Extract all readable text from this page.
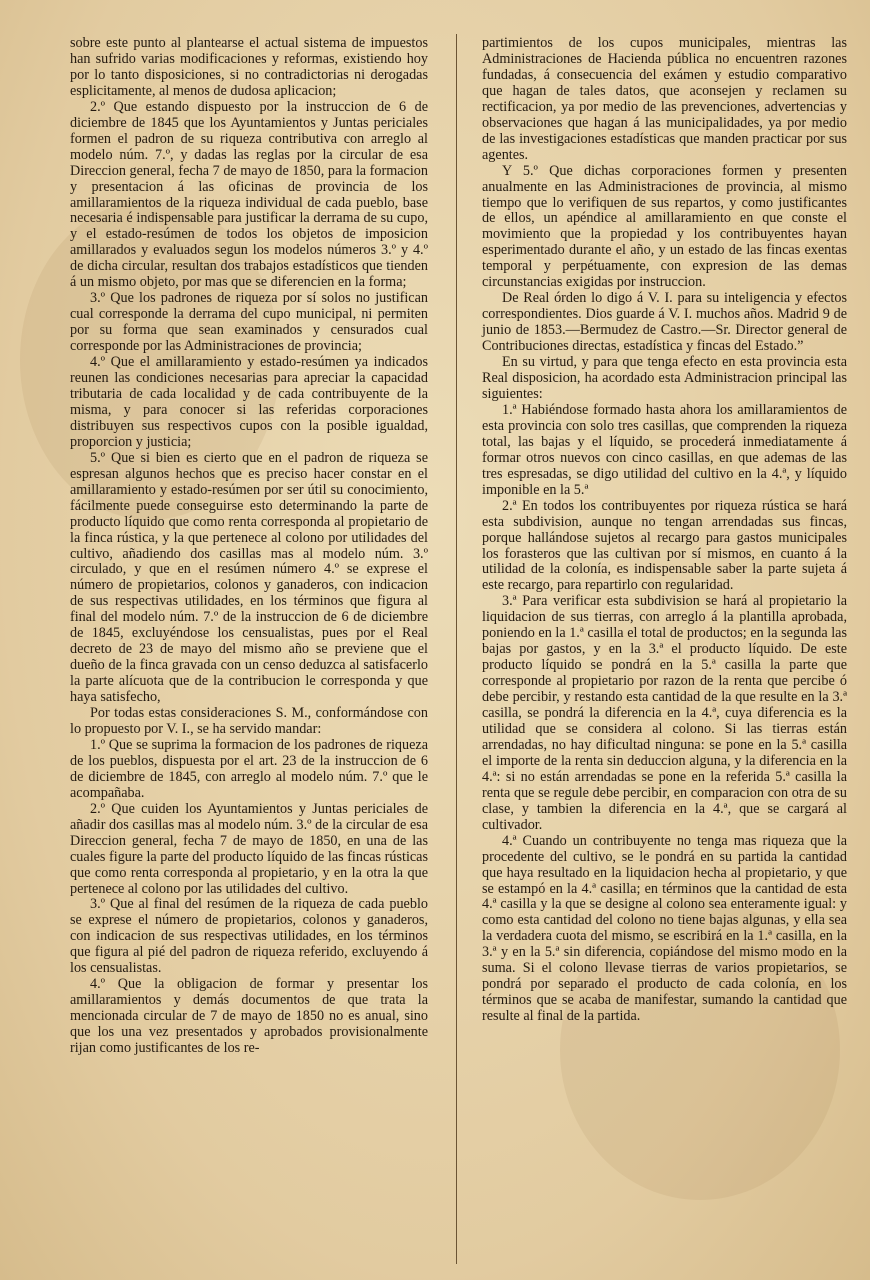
sobre este punto al plantearse el actual sistema de impuestos han sufrido varias modificaciones y reformas, existiendo hoy por lo tanto disposiciones, si no contradictorias ni derogadas esplicitamente, al menos de dudosa aplicacion;

2.º Que estando dispuesto por la instruccion de 6 de diciembre de 1845 que los Ayuntamientos y Juntas periciales formen el padron de su riqueza contributiva con arreglo al modelo núm. 7.º, y dadas las reglas por la circular de esa Direccion general, fecha 7 de mayo de 1850, para la formacion y presentacion á las oficinas de provincia de los amillaramientos de la riqueza individual de cada pueblo, base necesaria é indispensable para justificar la derrama de su cupo, y el estado-resúmen de todos los objetos de imposicion amillarados y evaluados segun los modelos números 3.º y 4.º de dicha circular, resultan dos trabajos estadísticos que tienden á un mismo objeto, por mas que se diferencien en la forma;

3.º Que los padrones de riqueza por sí solos no justifican cual corresponde la derrama del cupo municipal, ni permiten por su forma que sean examinados y censurados cual corresponde por las Administraciones de provincia;

4.º Que el amillaramiento y estado-resúmen ya indicados reunen las condiciones necesarias para apreciar la capacidad tributaria de cada localidad y de cada contribuyente de la misma, y para conocer si las referidas corporaciones distribuyen sus respectivos cupos con la posible igualdad, proporcion y justicia;

5.º Que si bien es cierto que en el padron de riqueza se espresan algunos hechos que es preciso hacer constar en el amillaramiento y estado-resúmen por ser útil su conocimiento, fácilmente puede conseguirse esto determinando la parte de producto líquido que como renta corresponda al propietario de la finca rústica, y la que pertenece al colono por utilidades del cultivo, añadiendo dos casillas mas al modelo núm. 3.º circulado, y que en el resúmen número 4.º se exprese el número de propietarios, colonos y ganaderos, con indicacion de sus respectivas utilidades, en los términos que figura al final del modelo núm. 7.º de la instruccion de 6 de diciembre de 1845, excluyéndose los censualistas, pues por el Real decreto de 23 de mayo del mismo año se previene que el dueño de la finca gravada con un censo deduzca al satisfacerlo la parte alícuota que de la contribucion le corresponda y que haya satisfecho,

Por todas estas consideraciones S. M., conformándose con lo propuesto por V. I., se ha servido mandar:

1.º Que se suprima la formacion de los padrones de riqueza de los pueblos, dispuesta por el art. 23 de la instruccion de 6 de diciembre de 1845, con arreglo al modelo núm. 7.º que le acompañaba.

2.º Que cuiden los Ayuntamientos y Juntas periciales de añadir dos casillas mas al modelo núm. 3.º de la circular de esa Direccion general, fecha 7 de mayo de 1850, en una de las cuales figure la parte del producto líquido de las fincas rústicas que como renta corresponda al propietario, y en la otra la que pertenece al colono por las utilidades del cultivo.

3.º Que al final del resúmen de la riqueza de cada pueblo se exprese el número de propietarios, colonos y ganaderos, con indicacion de sus respectivas utilidades, en los términos que figura al pié del padron de riqueza referido, excluyendo á los censualistas.

4.º Que la obligacion de formar y presentar los amillaramientos y demás documentos de que trata la mencionada circular de 7 de mayo de 1850 no es anual, sino que los una vez presentados y aprobados provisionalmente rijan como justificantes de los re-

partimientos de los cupos municipales, mientras las Administraciones de Hacienda pública no encuentren razones fundadas, á consecuencia del exámen y estudio comparativo que hagan de tales datos, que aconsejen y reclamen su rectificacion, ya por medio de las prevenciones, advertencias y observaciones que hagan á las municipalidades, ya por medio de las investigaciones estadísticas que manden practicar por sus agentes.

Y 5.º Que dichas corporaciones formen y presenten anualmente en las Administraciones de provincia, al mismo tiempo que lo verifiquen de sus repartos, y como justificantes de ellos, un apéndice al amillaramiento en que conste el movimiento que la propiedad y los contribuyentes hayan esperimentado durante el año, y un estado de las fincas exentas temporal y perpétuamente, con expresion de las demas circunstancias exigidas por instruccion.

De Real órden lo digo á V. I. para su inteligencia y efectos correspondientes. Dios guarde á V. I. muchos años. Madrid 9 de junio de 1853.—Bermudez de Castro.—Sr. Director general de Contribuciones directas, estadística y fincas del Estado.”

En su virtud, y para que tenga efecto en esta provincia esta Real disposicion, ha acordado esta Administracion principal las siguientes:

1.ª Habiéndose formado hasta ahora los amillaramientos de esta provincia con solo tres casillas, que comprenden la riqueza total, las bajas y el líquido, se procederá inmediatamente á formar otros nuevos con cinco casillas, en que ademas de las tres espresadas, se digo utilidad del cultivo en la 4.ª, y líquido imponible en la 5.ª

2.ª En todos los contribuyentes por riqueza rústica se hará esta subdivision, aunque no tengan arrendadas sus fincas, porque hallándose sujetos al recargo para gastos municipales los forasteros que las cultivan por sí mismos, en cuanto á la utilidad de la colonía, es indispensable saber la parte sujeta á este recargo, para repartirlo con regularidad.

3.ª Para verificar esta subdivision se hará al propietario la liquidacion de sus tierras, con arreglo á la plantilla aprobada, poniendo en la 1.ª casilla el total de productos; en la segunda las bajas por gastos, y en la 3.ª el producto líquido. De este producto líquido se pondrá en la 5.ª casilla la parte que corresponde al propietario por razon de la renta que percibe ó debe percibir, y restando esta cantidad de la que resulte en la 3.ª casilla, se pondrá la diferencia en la 4.ª, cuya diferencia es la utilidad que se considera al colono. Si las tierras están arrendadas, no hay dificultad ninguna: se pone en la 5.ª casilla el importe de la renta sin deduccion alguna, y la diferencia en la 4.ª: si no están arrendadas se pone en la referida 5.ª casilla la renta que se regule debe percibir, en comparacion con otra de su clase, y tambien la diferencia en la 4.ª, que se cargará al cultivador.

4.ª Cuando un contribuyente no tenga mas riqueza que la procedente del cultivo, se le pondrá en su partida la cantidad que haya resultado en la liquidacion hecha al propietario, y que se estampó en la 4.ª casilla; en términos que la cantidad de esta 4.ª casilla y la que se designe al colono sea enteramente igual: y como esta cantidad del colono no tiene bajas algunas, y ella sea la verdadera cuota del mismo, se escribirá en la 1.ª casilla, en la 3.ª y en la 5.ª sin diferencia, copiándose del mismo modo en la suma. Si el colono llevase tierras de varios propietarios, se pondrá por separado el producto de cada colonía, en los términos que se acaba de manifestar, sumando la cantidad que resulte al final de la partida.
